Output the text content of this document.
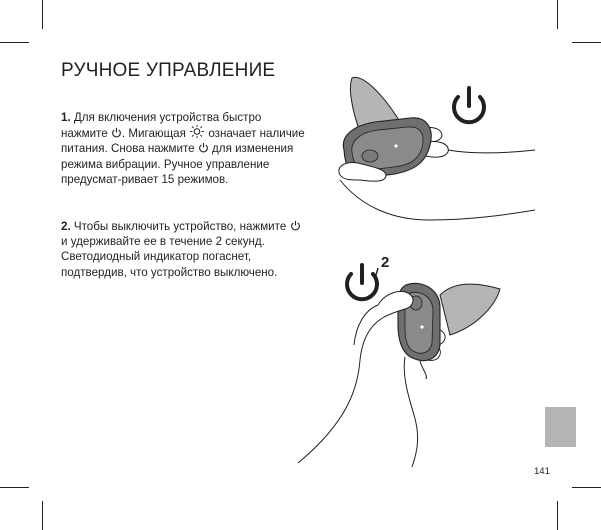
РУЧНОЕ УПРАВЛЕНИЕ

1. Для включения устройства быстро нажмите . Мигающая  означает наличие питания. Снова нажмите  для изменения режима вибрации. Ручное управление предусмат-ривает 15 режимов.

2. Чтобы выключить устройство, нажмите  и удерживайте ее в течение 2 секунд. Светодиодный индикатор погаснет, подтвердив, что устройство выключено.

2
141
